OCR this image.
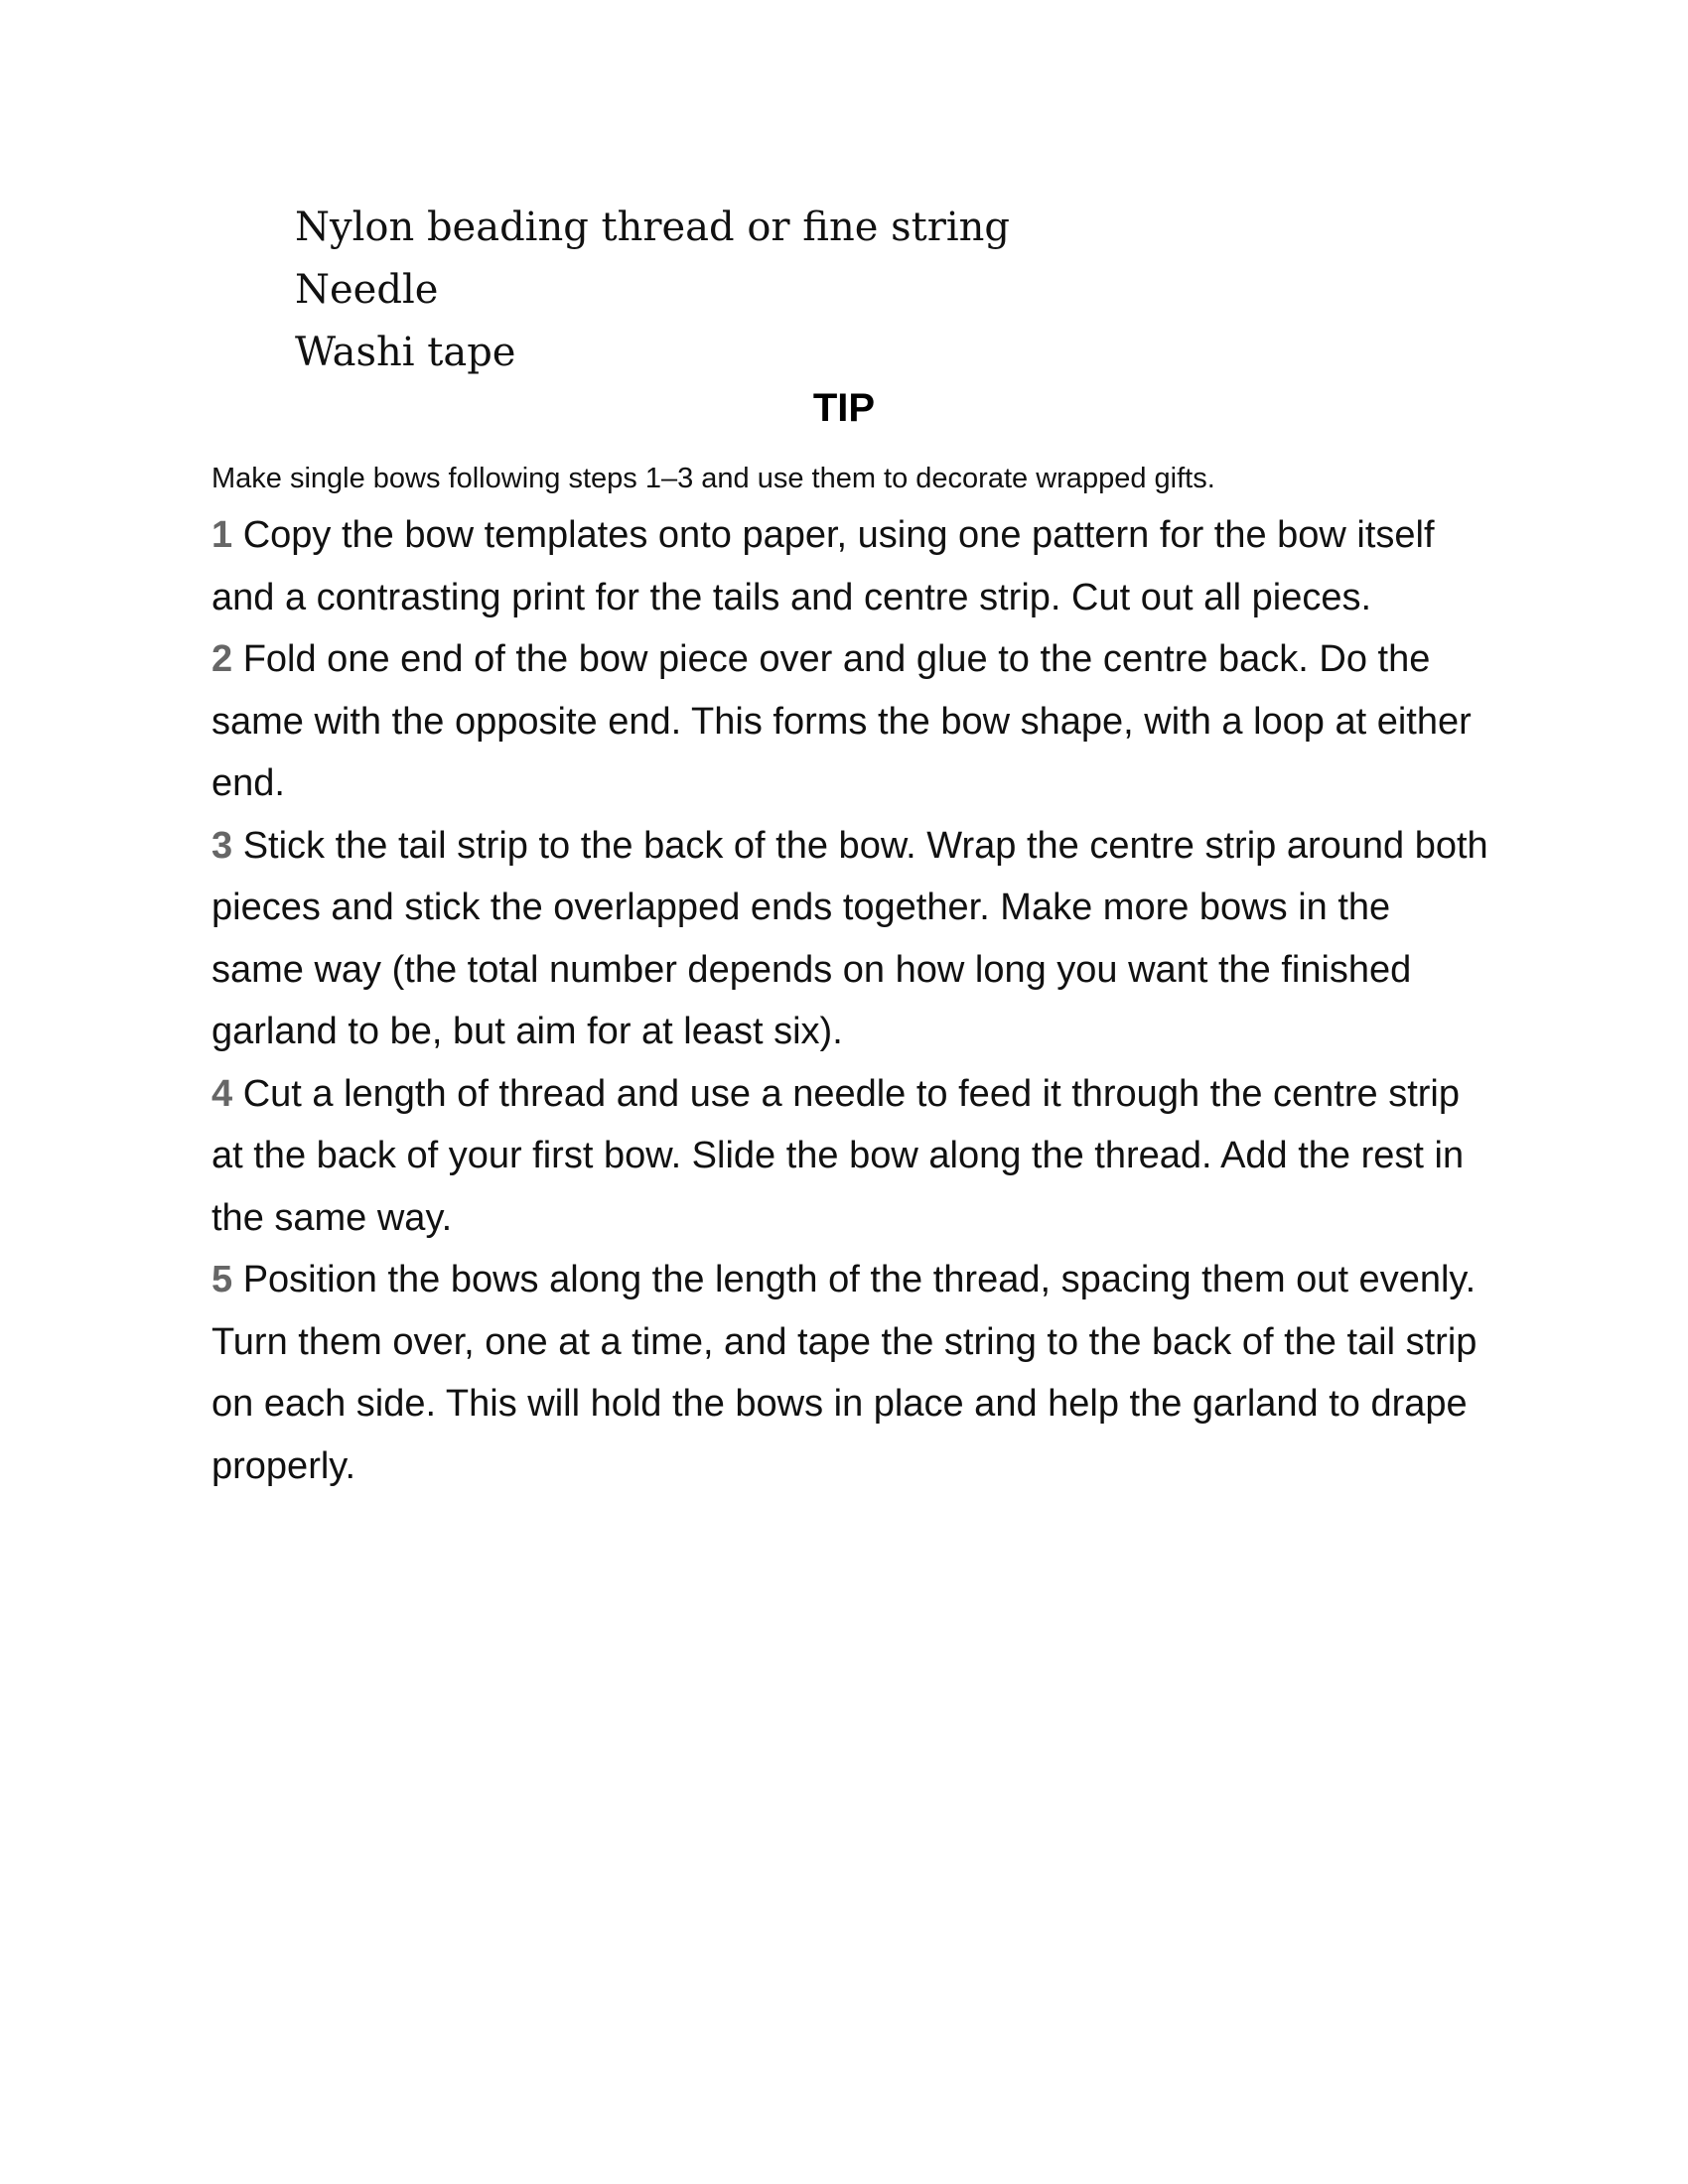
Nylon beading thread or fine string
Needle
Washi tape
TIP

Make single bows following steps 1–3 and use them to decorate wrapped gifts.

1 Copy the bow templates onto paper, using one pattern for the bow itself and a contrasting print for the tails and centre strip. Cut out all pieces.

2 Fold one end of the bow piece over and glue to the centre back. Do the same with the opposite end. This forms the bow shape, with a loop at either end.

3 Stick the tail strip to the back of the bow. Wrap the centre strip around both pieces and stick the overlapped ends together. Make more bows in the same way (the total number depends on how long you want the finished garland to be, but aim for at least six).

4 Cut a length of thread and use a needle to feed it through the centre strip at the back of your first bow. Slide the bow along the thread. Add the rest in the same way.

5 Position the bows along the length of the thread, spacing them out evenly. Turn them over, one at a time, and tape the string to the back of the tail strip on each side. This will hold the bows in place and help the garland to drape properly.
